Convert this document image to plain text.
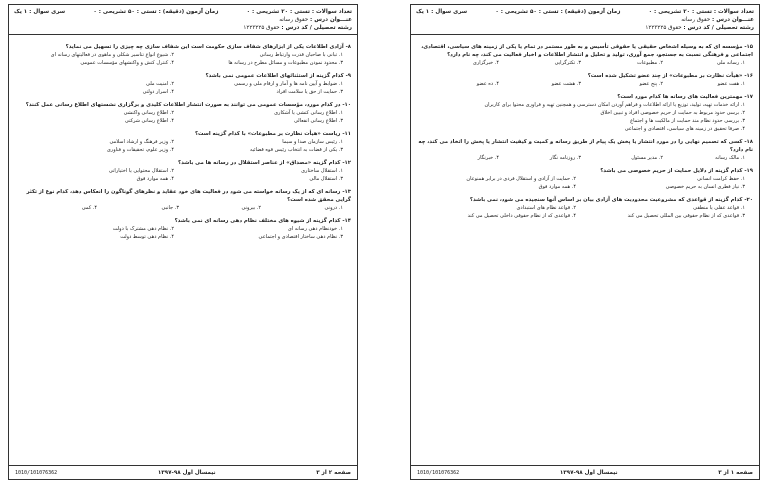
تعداد سوالات : تستی : ۲۰ تشریحی : ۰
زمان آزمون (دقیقه) : تستی : ۵۰ تشریحی : ۰
سری سوال : ۱ یک
عنـــوان درس : حقوق رسانه
رشته تحصیلی / کد درس : حقوق ۱۲۲۳۲۲۵
۸- آزادی اطلاعات یکی از ابزارهای شفاف سازی حکومت است این شفاف سازی چه چیزی را تسهیل می نماید؟
۱. تبانی با صاحبان قدرت وارتباط رسانی
۲. شیوع انواع تناسیر شکلی و ماهوی در فعالیتهای رسانه ای
۳. محدود نمودن مطبوعات و مسائل مطرح در رسانه ها
۴. کنترل کنش و واکنشهای مؤسسات عمومی
۹- کدام گزینه از استثنائهای اطلاعات عمومی نمی باشد؟
۱. ضوابط و آیین نامه ها و آمار و ارقام ملی و رسمی
۲. امنیت ملی
۳. حمایت از حق یا سلامت افراد
۴. اسرار دولتی
۱۰- در کدام مورد، مؤسسات عمومی می توانند به صورت انتشار اطلاعات کلیدی و برگزاری نشستهای اطلاع رسانی عمل کنند؟
۱. اطلاع رسانی کنشی یا آشکاری
۲. اطلاع رسانی واکنشی
۳. اطلاع رسانی انفعالی
۴. اطلاع رسانی شرکتی
۱۱- ریاست «هیأت نظارت بر مطبوعات» با کدام گزینه است؟
۱. رئیس سازمان صدا و سیما
۲. وزیر فرهنگ و ارشاد اسلامی
۳. یکی از قضات به انتخاب رئیس قوه قضائیه
۴. وزیر علوم، تحقیقات و فناوری
۱۲- کدام گزینه «مصداق» از عناصر استقلال در رسانه ها می باشد؟
۱. استقلال ساختاری
۲. استقلال محتوایی یا اختیاراتی
۳. استقلال مالی
۴. همه موارد فوق
۱۳- رسانه ای که از یک رسانه خواسته می شود در فعالیت های خود عقاید و نظرهای گوناگون را انعکاس دهد، کدام نوع از تکثر گرایی محقق شده است؟
۱. درونی
۲. بیرونی
۳. جانبی
۴. کمی
۱۴- کدام گزینه از شیوه های مختلف نظام دهی رسانه ای نمی باشد؟
۱. خودنظام دهی رسانه ای
۲. نظام دهی مشترک با دولت
۳. نظام دهی ساختار اقتصادی و اجتماعی
۴. نظام دهی توسط دولت
صفحه ۲ از ۳
نیمسال اول ۹۸-۱۳۹۷
1010/101076362
تعداد سوالات : تستی : ۲۰ تشریحی : ۰
زمان آزمون (دقیقه) : تستی : ۵۰ تشریحی : ۰
سری سوال : ۱ یک
عنـــوان درس : حقوق رسانه
رشته تحصیلی / کد درس : حقوق ۱۲۲۳۲۲۵
۱۵- مؤسسه ای که به وسیله اشخاص حقیقی یا حقوقی تأسیس و به طور مستمر در تمام یا یکی از زمینه های سیاسی، اقتصادی، اجتماعی و فرهنگی نسبت به جستجو، جمع آوری، تولید و تحلیل و انتشار اطلاعات و اخبار فعالیت می کند، چه نام دارد؟
۱. رسانه ملی
۲. مطبوعات
۳. تکثرگرایی
۴. خبرگزاری
۱۶- «هیأت نظارت بر مطبوعات» از چند عضو تشکیل شده است؟
۱. هفت عضو
۲. پنج عضو
۳. هشت عضو
۴. ده عضو
۱۷- مهمترین فعالیت های رسانه ها کدام مورد است؟
۱. ارائه خدمات تهیه، تولید، توزیع یا ارائه اطلاعات و فراهم آوردن امکان دسترسی و همچنین تهیه و فراوری محتوا برای کاربران
۲. برسی حدود مربوط به حمایت از حریم خصوصی افراد و تبیین اخلاق
۳. بررسی حدود نظام مند حمایت از مالکیت ها و اجتماع
۴. صرفا تحقیق در زمینه های سیاسی، اقتصادی و اجتماعی
۱۸- کسی که تصمیم نهایی را در مورد انتشار یا پخش یک پیام از طریق رسانه و کمیت و کیفیت انتشار یا پخش را اتخاذ می کند، چه نام دارد؟
۱. مالک رسانه
۲. مدیر مسئول
۳. روزنامه نگار
۴. خبرنگار
۱۹- کدام گزینه از دلایل حمایت از حریم خصوصی می باشد؟
۱. حفظ کرامت انسانی
۲. حمایت از آزادی و استقلال فردی در برابر همنوعان
۳. نیاز فطری انسان به حریم خصوصی
۴. همه موارد فوق
۲۰- کدام گزینه از قواعدی که مشروعیت محدودیت های آزادی بیان بر اساس آنها سنجیده می شود، نمی باشد؟
۱. قواعد عقلی یا منطقی
۲. قواعد نظام های استبدادی
۳. قواعدی که از نظام حقوقی بین المللی تحصیل می کند
۴. قواعدی که از نظام حقوقی داخلی تحصیل می کند
صفحه ۱ از ۳
نیمسال اول ۹۸-۱۳۹۷
1010/101076362
